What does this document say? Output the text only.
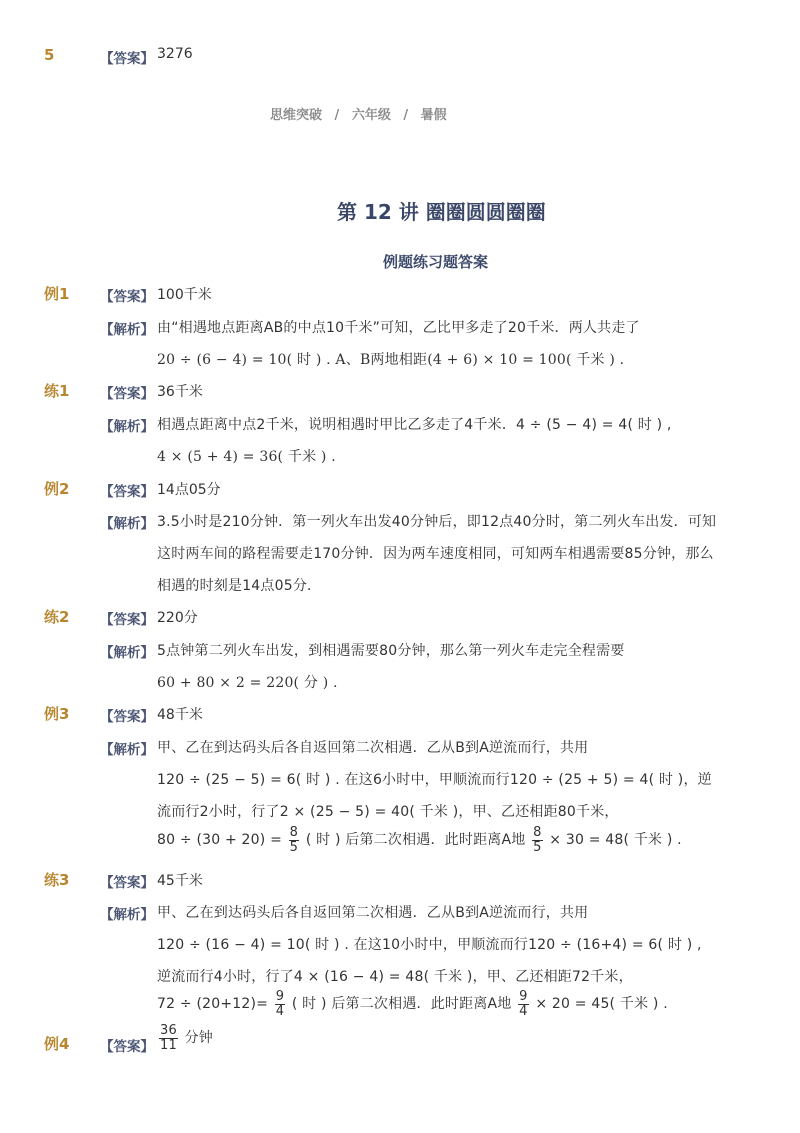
5	【答案】 3276
思维突破 / 六年级 / 暑假
第 12 讲 圈圈圆圆圈圈
例题练习题答案
例1 【答案】 100千米
【解析】 由“相遇地点距离AB的中点10千米”可知，乙比甲多走了20千米．两人共走了
20 ÷ (6 − 4) = 10( 时 ) . A、B两地相距(4 + 6) × 10 = 100( 千米 ) .
练1 【答案】 36千米
【解析】 相遇点距离中点2千米，说明相遇时甲比乙多走了4千米．4 ÷ (5 − 4) = 4( 时 ) ,
4 × (5 + 4) = 36( 千米 ) .
例2 【答案】 14点05分
【解析】 3.5小时是210分钟．第一列火车出发40分钟后，即12点40分时，第二列火车出发．可知
这时两车间的路程需要走170分钟．因为两车速度相同，可知两车相遇需要85分钟，那么
相遇的时刻是14点05分．
练2 【答案】 220分
【解析】 5点钟第二列火车出发，到相遇需要80分钟，那么第一列火车走完全程需要
60 + 80 × 2 = 220( 分 ) .
例3 【答案】 48千米
【解析】 甲、乙在到达码头后各自返回第二次相遇．乙从B到A逆流而行，共用
120 ÷ (25 − 5) = 6( 时 ) . 在这6小时中，甲顺流而行120 ÷ (25 + 5) = 4( 时 )，逆
流而行2小时，行了2 × (25 − 5) = 40( 千米 )，甲、乙还相距80千米，
$80 \div (30 + 20) = \frac{8}{5}$ ( 时 ) 后第二次相遇．此时距离A地 $\frac{8}{5} \times 30 = 48$( 千米 ) .
练3 【答案】 45千米
【解析】 甲、乙在到达码头后各自返回第二次相遇．乙从B到A逆流而行，共用
120 ÷ (16 − 4) = 10( 时 ) . 在这10小时中，甲顺流而行120 ÷ (16+4) = 6( 时 ) ,
逆流而行4小时，行了4 × (16 − 4) = 48( 千米 )，甲、乙还相距72千米，
$72 \div (20+12)= \frac{9}{4}$ ( 时 ) 后第二次相遇．此时距离A地 $\frac{9}{4} \times 20 = 45$( 千米 ) .
例4 【答案】 $\frac{36}{11}$ 分钟
